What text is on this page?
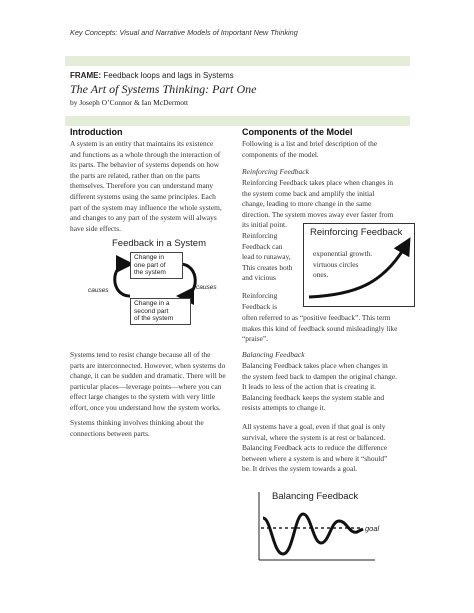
Key Concepts: Visual and Narrative Models of Important New Thinking
FRAME: Feedback loops and lags in Systems
The Art of Systems Thinking: Part One
by Joseph O’Connor & Ian McDermott
Introduction
A system is an entity that maintains its existence
and functions as a whole through the interaction of
its parts. The behavior of systems depends on how
the parts are related, rather than on the parts
themselves. Therefore you can understand many
different systems using the same principles. Each
part of the system may influence the whole system,
and changes to any part of the system will always
have side effects.
Feedback in a System
Change in
one part of
the system
Change in a
second part
of the system
causes	causes
Systems tend to resist change because all of the
parts are interconnected. However, when systems do
change, it can be sudden and dramatic. There will be
particular places—leverage points—where you can
effect large changes to the system with very little
effort, once you understand how the system works.
Systems thinking involves thinking about the
connections between parts.
Components of the Model
Following is a list and brief description of the
components of the model.
Reinforcing Feedback
Reinforcing Feedback takes place when changes in
the system come back and amplify the initial
change, leading to more change in the same
direction. The system moves away ever faster from
its initial point.
Reinforcing
Feedback can
lead to runaway,
This creates both
and vicious
Reinforcing Feedback
exponential growth.
virtuous circles
ones.
Reinforcing
Feedback is
often referred to as “positive feedback”. This term
makes this kind of feedback sound misleadingly like
“praise”.
Balancing Feedback
Balancing Feedback takes place when changes in
the system feed back to dampen the original change.
It leads to less of the action that is creating it.
Balancing feedback keeps the system stable and
resists attempts to change it.
All systems have a goal, even if that goal is only
survival, where the system is at rest or balanced.
Balancing Feedback acts to reduce the difference
between where a system is and where it “should”
be. It drives the system towards a goal.
Balancing Feedback
goal
